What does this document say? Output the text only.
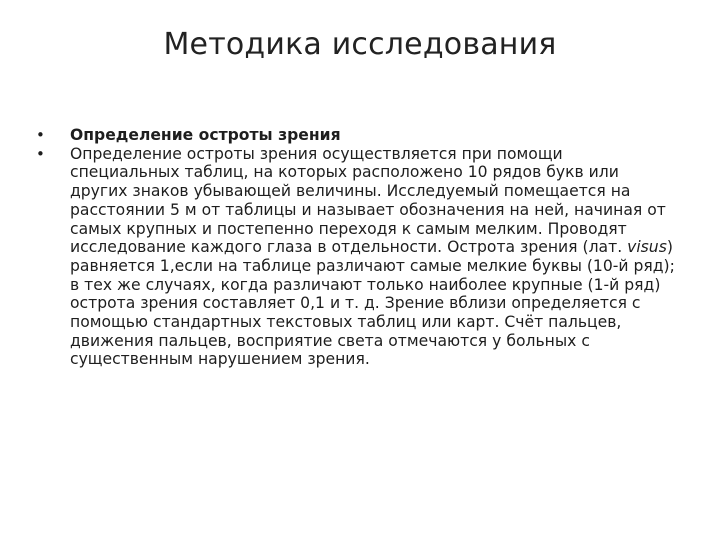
Методика исследования
•	Определение остроты зрения
•	Определение остроты зрения осуществляется при помощи специальных таблиц, на которых расположено 10 рядов букв или других знаков убывающей величины. Исследуемый помещается на расстоянии 5 м от таблицы и называет обозначения на ней, начиная от самых крупных и постепенно переходя к самым мелким. Проводят исследование каждого глаза в отдельности. Острота зрения (лат. visus) равняется 1,если на таблице различают самые мелкие буквы (10-й ряд); в тех же случаях, когда различают только наиболее крупные (1-й ряд) острота зрения составляет 0,1 и т. д. Зрение вблизи определяется с помощью стандартных текстовых таблиц или карт. Счёт пальцев, движения пальцев, восприятие света отмечаются у больных с существенным нарушением зрения.
